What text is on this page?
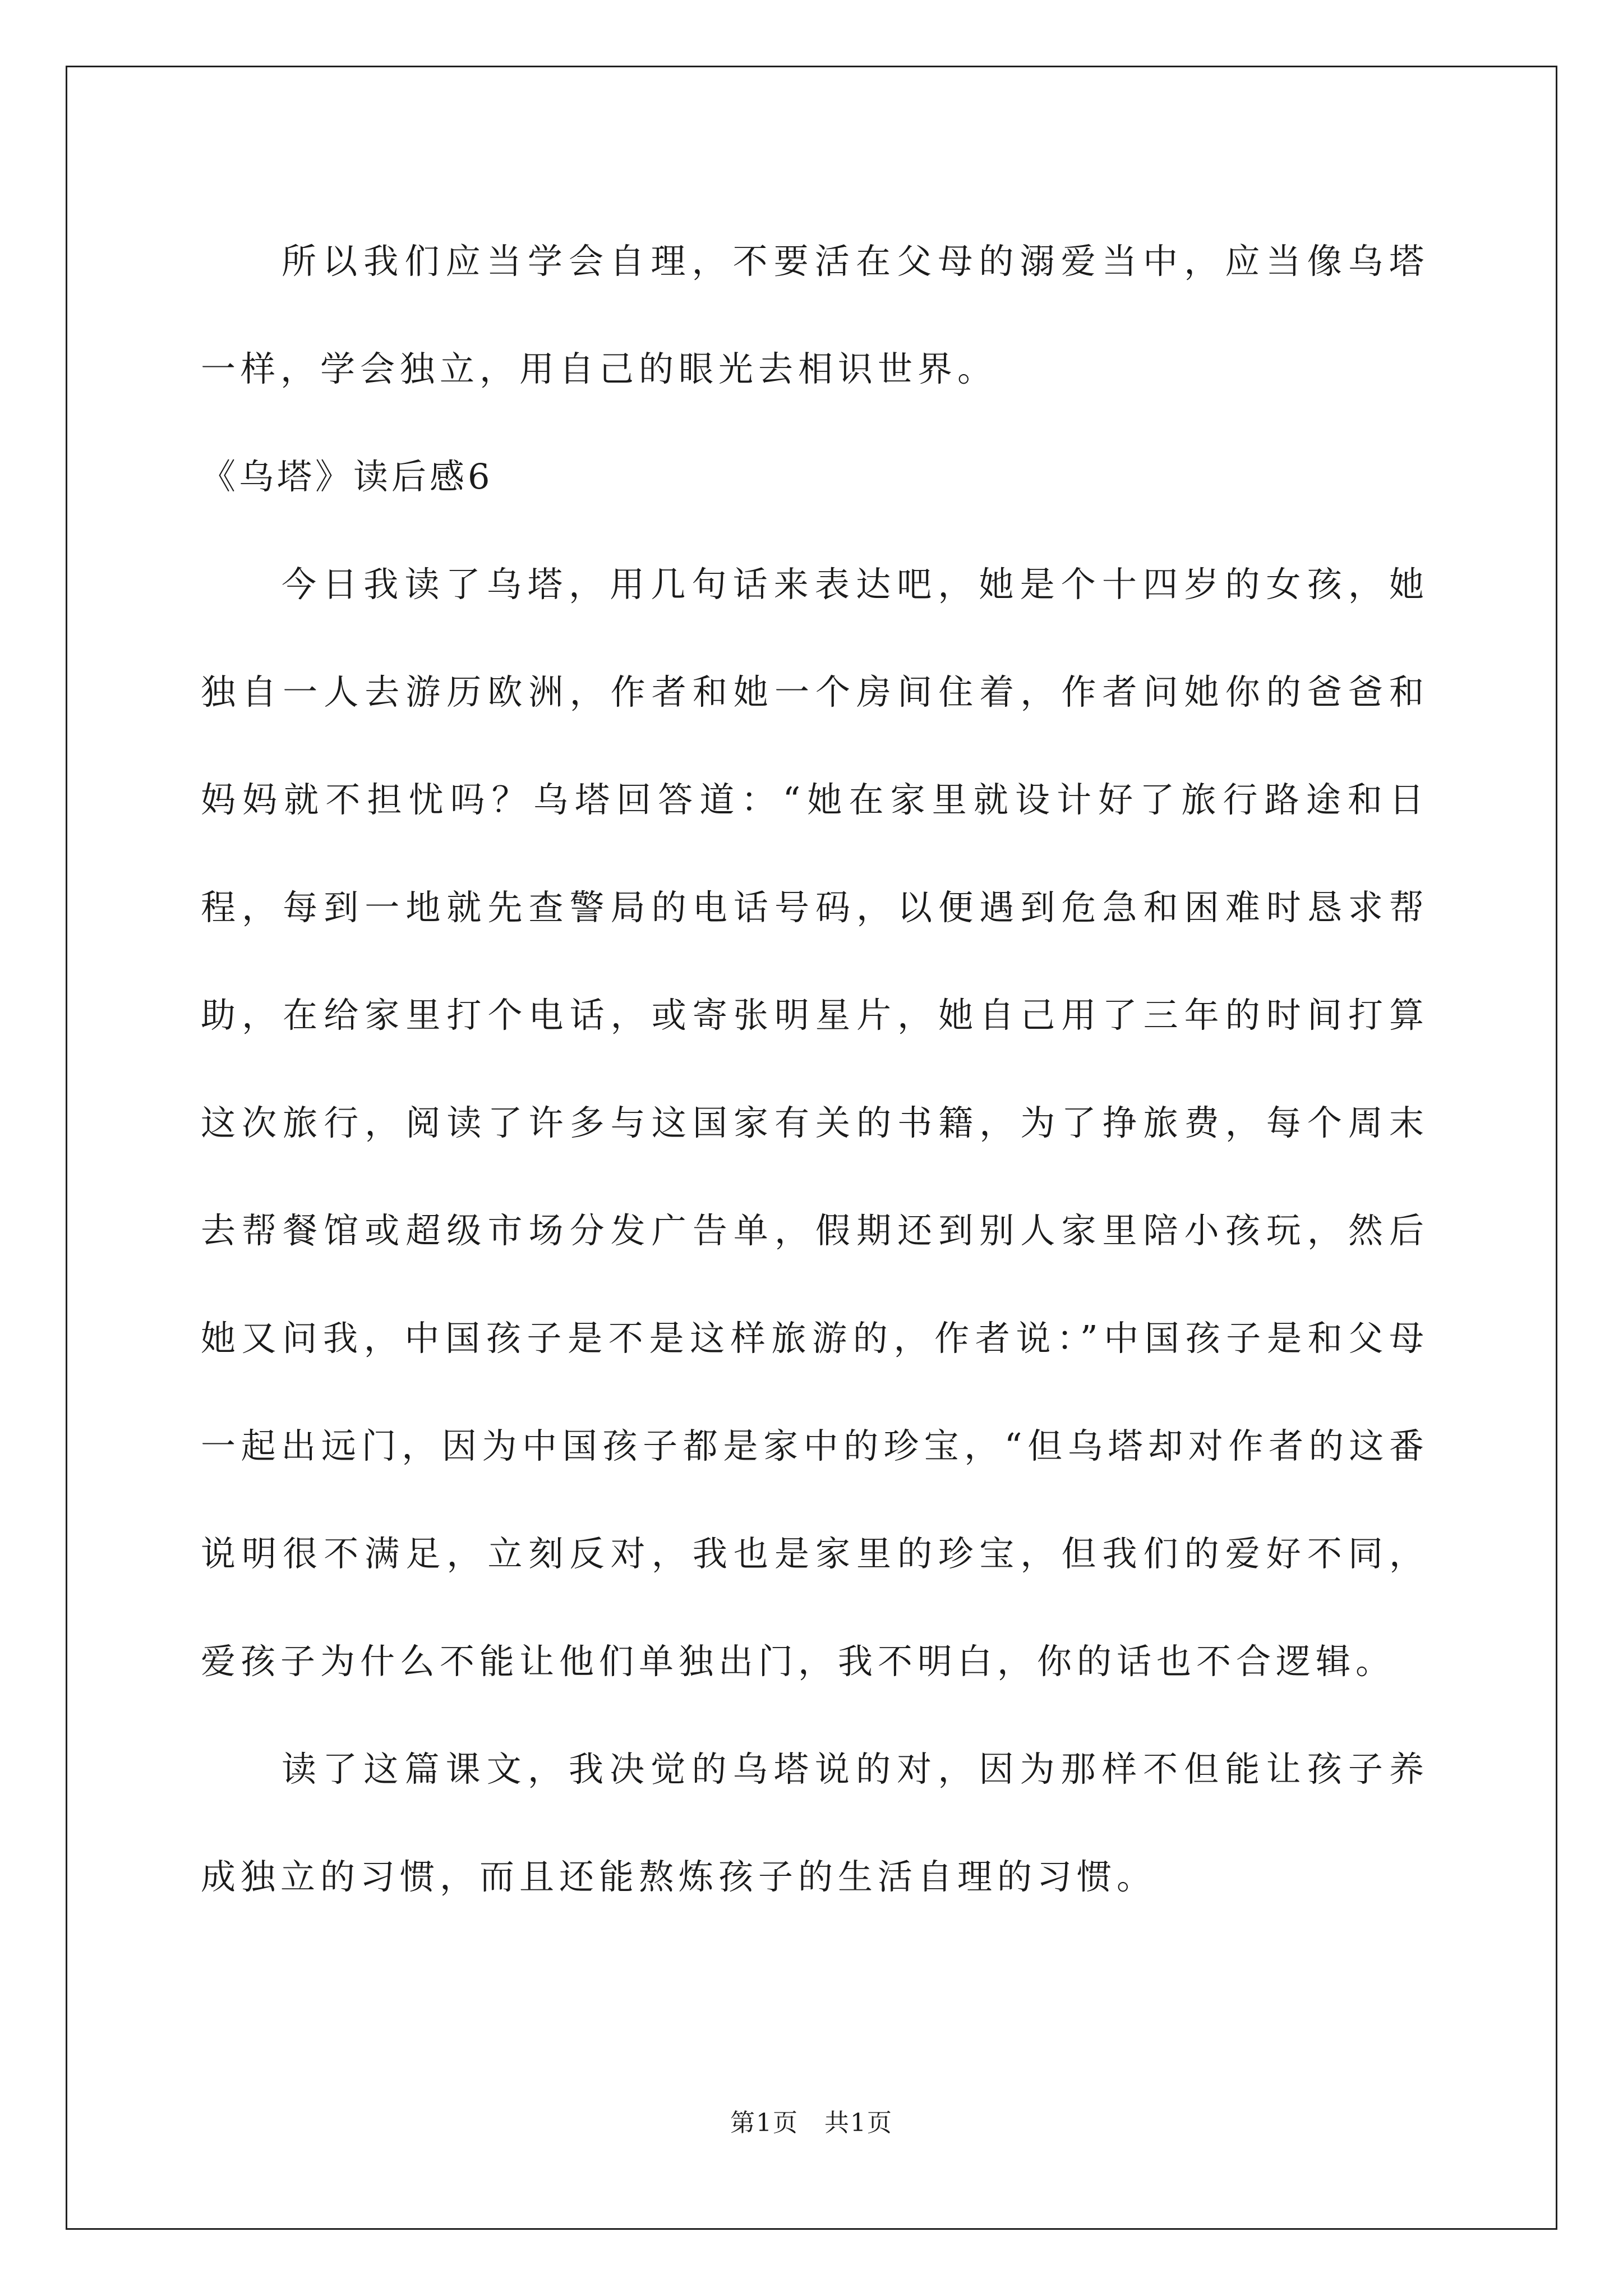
所以我们应当学会自理，不要活在父母的溺爱当中，应当像乌塔一样，学会独立，用自己的眼光去相识世界。

《乌塔》读后感6

今日我读了乌塔，用几句话来表达吧，她是个十四岁的女孩，她独自一人去游历欧洲，作者和她一个房间住着，作者问她你的爸爸和妈妈就不担忧吗？乌塔回答道：“她在家里就设计好了旅行路途和日程，每到一地就先查警局的电话号码，以便遇到危急和困难时恳求帮助，在给家里打个电话，或寄张明星片，她自己用了三年的时间打算这次旅行，阅读了许多与这国家有关的书籍，为了挣旅费，每个周末去帮餐馆或超级市场分发广告单，假期还到别人家里陪小孩玩，然后她又问我，中国孩子是不是这样旅游的，作者说：”中国孩子是和父母一起出远门，因为中国孩子都是家中的珍宝，“但乌塔却对作者的这番说明很不满足，立刻反对，我也是家里的珍宝，但我们的爱好不同，爱孩子为什么不能让他们单独出门，我不明白，你的话也不合逻辑。

读了这篇课文，我决觉的乌塔说的对，因为那样不但能让孩子养成独立的习惯，而且还能熬炼孩子的生活自理的习惯。

第1页　共1页
